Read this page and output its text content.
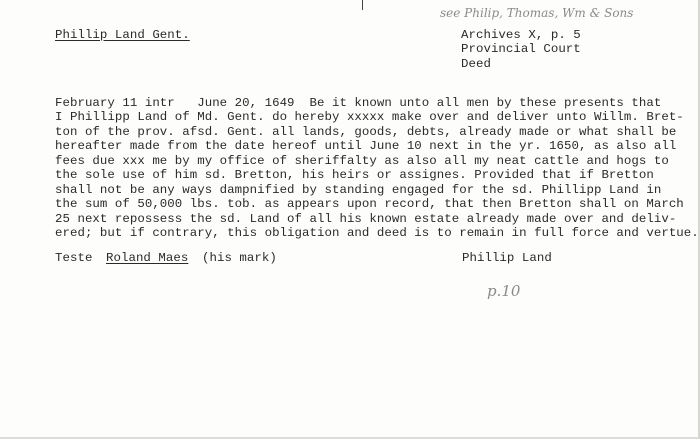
see Philip, Thomas, Wm & Sons
Phillip Land Gent.	Archives X, p. 5
Provincial Court
Deed
February 11 intr   June 20, 1649  Be it known unto all men by these presents that
I Phillipp Land of Md. Gent. do hereby xxxxx make over and deliver unto Willm. Bret-
ton of the prov. afsd. Gent. all lands, goods, debts, already made or what shall be
hereafter made from the date hereof until June 10 next in the yr. 1650, as also all
fees due xxx me by my office of sheriffalty as also all my neat cattle and hogs to
the sole use of him sd. Bretton, his heirs or assignes. Provided that if Bretton
shall not be any ways dampnified by standing engaged for the sd. Phillipp Land in
the sum of 50,000 lbs. tob. as appears upon record, that then Bretton shall on March
25 next repossess the sd. Land of all his known estate already made over and deliv-
ered; but if contrary, this obligation and deed is to remain in full force and vertue.
Teste Roland Maes (his mark)	Phillip Land
p.10
